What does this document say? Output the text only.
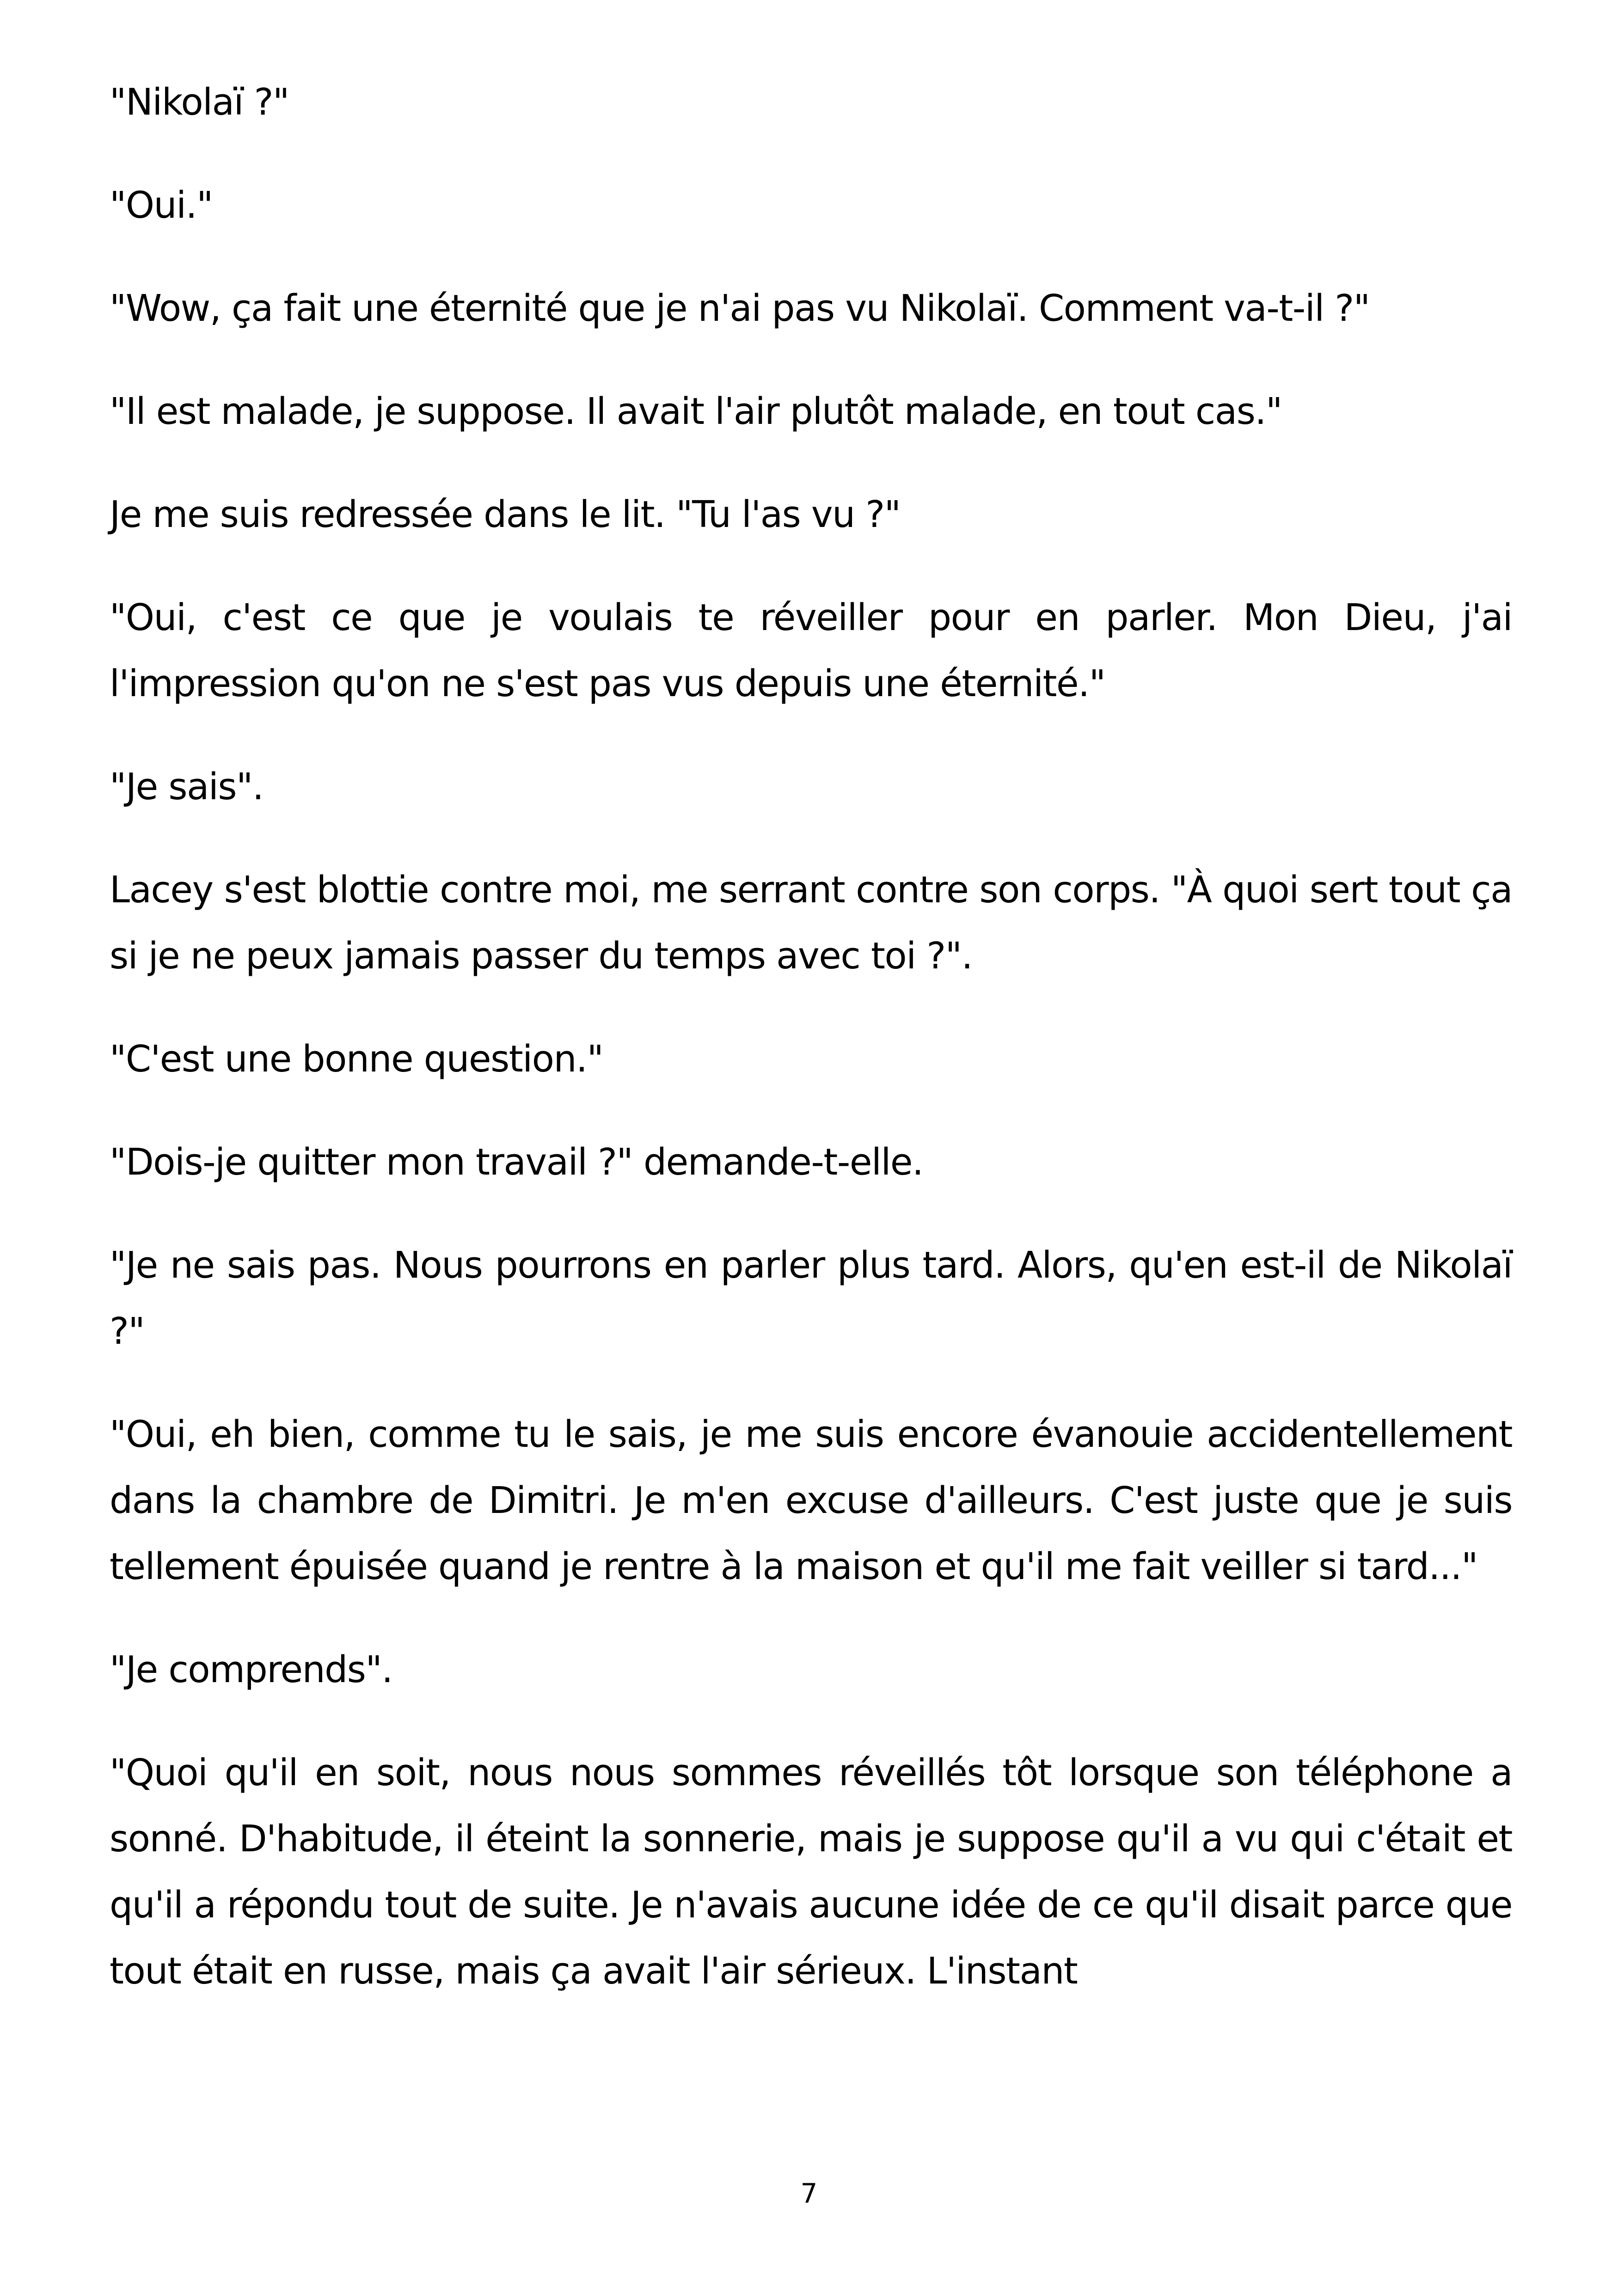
"Nikolaï ?"

"Oui."

"Wow, ça fait une éternité que je n'ai pas vu Nikolaï. Comment va-t-il ?"

"Il est malade, je suppose. Il avait l'air plutôt malade, en tout cas."

Je me suis redressée dans le lit. "Tu l'as vu ?"

"Oui, c'est ce que je voulais te réveiller pour en parler. Mon Dieu, j'ai l'impression qu'on ne s'est pas vus depuis une éternité."

"Je sais".

Lacey s'est blottie contre moi, me serrant contre son corps. "À quoi sert tout ça si je ne peux jamais passer du temps avec toi ?".

"C'est une bonne question."

"Dois-je quitter mon travail ?" demande-t-elle.

"Je ne sais pas. Nous pourrons en parler plus tard. Alors, qu'en est-il de Nikolaï ?"

"Oui, eh bien, comme tu le sais, je me suis encore évanouie accidentellement dans la chambre de Dimitri. Je m'en excuse d'ailleurs. C'est juste que je suis tellement épuisée quand je rentre à la maison et qu'il me fait veiller si tard..."

"Je comprends".

"Quoi qu'il en soit, nous nous sommes réveillés tôt lorsque son téléphone a sonné. D'habitude, il éteint la sonnerie, mais je suppose qu'il a vu qui c'était et qu'il a répondu tout de suite. Je n'avais aucune idée de ce qu'il disait parce que tout était en russe, mais ça avait l'air sérieux. L'instant

7
